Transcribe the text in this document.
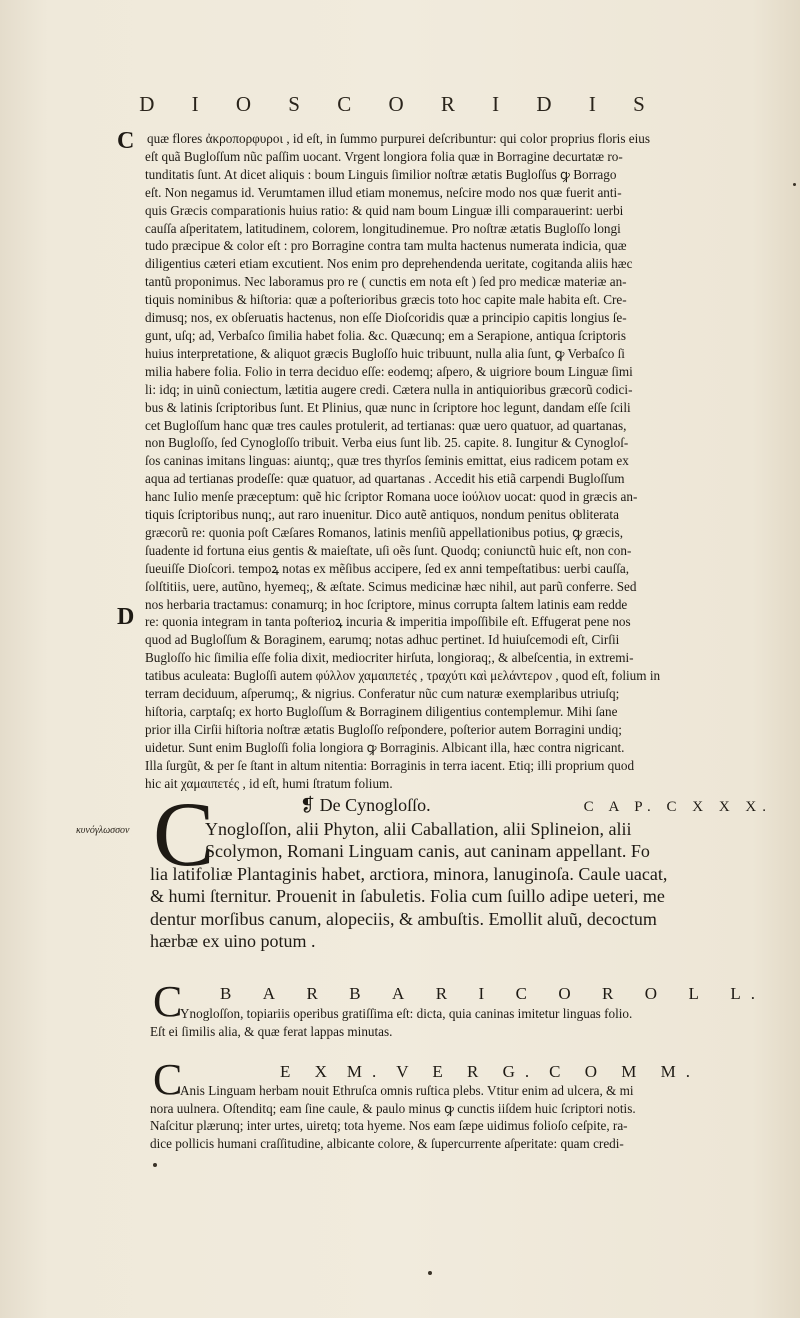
D I O S C O R I D I S
C
D
quæ flores ἀκροπορφυροι , id eſt, in ſummo purpurei deſcribuntur: qui color proprius floris eius
eſt quã Bugloſſum nũc paſſim uocant. Vrgent longiora folia quæ in Borragine decurtatæ ro-
tunditatis ſunt. At dicet aliquis : boum Linguis ſimilior noſtræ ætatis Bugloſſus ꝙ Borrago
eſt. Non negamus id. Verumtamen illud etiam monemus, neſcire modo nos quæ fuerit anti-
quis Græcis comparationis huius ratio: & quid nam boum Linguæ illi comparauerint: uerbi
cauſſa aſperitatem, latitudinem, colorem, longitudinemue. Pro noſtræ ætatis Bugloſſo longi
tudo præcipue & color eſt : pro Borragine contra tam multa hactenus numerata indicia, quæ
diligentius cæteri etiam excutient. Nos enim pro deprehendenda ueritate, cogitanda aliis hæc
tantũ proponimus. Nec laboramus pro re ( cunctis em nota eſt ) ſed pro medicæ materiæ an-
tiquis nominibus & hiſtoria: quæ a poſterioribus græcis toto hoc capite male habita eſt. Cre-
dimusq; nos, ex obſeruatis hactenus, non eſſe Dioſcoridis quæ a principio capitis longius ſe-
gunt, uſq; ad, Verbaſco ſimilia habet folia. &c. Quæcunq; em a Serapione, antiqua ſcriptoris
huius interpretatione, & aliquot græcis Bugloſſo huic tribuunt, nulla alia ſunt, ꝙ Verbaſco ſi
milia habere folia. Folio in terra deciduo eſſe: eodemq; aſpero, & uigriore boum Linguæ ſimi
li: idq; in uinũ coniectum, lætitia augere credi. Cætera nulla in antiquioribus græcorũ codici-
bus & latinis ſcriptoribus ſunt. Et Plinius, quæ nunc in ſcriptore hoc legunt, dandam eſſe ſcili
cet Bugloſſum hanc quæ tres caules protulerit, ad tertianas: quæ uero quatuor, ad quartanas,
non Bugloſſo, ſed Cynogloſſo tribuit. Verba eius ſunt lib. 25. capite. 8. Iungitur & Cynogloſ-
ſos caninas imitans linguas: aiuntq;, quæ tres thyrſos ſeminis emittat, eius radicem potam ex
aqua ad tertianas prodeſſe: quæ quatuor, ad quartanas . Accedit his etiã carpendi Bugloſſum
hanc Iulio menſe præceptum: quẽ hic ſcriptor Romana uoce ἰούλιον uocat: quod in græcis an-
tiquis ſcriptoribus nunq;, aut raro inuenitur. Dico autẽ antiquos, nondum penitus obliterata
græcorũ re: quonia poſt Cæſares Romanos, latinis menſiũ appellationibus potius, ꝙ græcis,
ſuadente id fortuna eius gentis & maieſtate, uſi oẽs ſunt. Quodq; coniunctũ huic eſt, non con-
ſueuiſſe Dioſcori. tempoꝝ notas ex mẽſibus accipere, ſed ex anni tempeſtatibus: uerbi cauſſa,
ſolſtitiis, uere, autũno, hyemeq;, & æſtate. Scimus medicinæ hæc nihil, aut parũ conferre. Sed
nos herbaria tractamus: conamurq; in hoc ſcriptore, minus corrupta ſaltem latinis eam redde
re: quonia integram in tanta poſterioꝝ incuria & imperitia impoſſibile eſt. Effugerat pene nos
quod ad Bugloſſum & Boraginem, earumq; notas adhuc pertinet. Id huiuſcemodi eſt, Cirſii
Bugloſſo hic ſimilia eſſe folia dixit, mediocriter hirſuta, longioraq;, & albeſcentia, in extremi-
tatibus aculeata: Bugloſſi autem φύλλον χαμαιπετές , τραχύτι καὶ μελάντερον , quod eſt, folium in
terram deciduum, aſperumq;, & nigrius. Conferatur nũc cum naturæ exemplaribus utriuſq;
hiſtoria, carptaſq; ex horto Bugloſſum & Borraginem diligentius contemplemur. Mihi ſane
prior illa Cirſii hiſtoria noſtræ ætatis Bugloſſo reſpondere, poſterior autem Borragini undiq;
uidetur. Sunt enim Bugloſſi folia longiora ꝙ Borraginis. Albicant illa, hæc contra nigricant.
Illa ſurgũt, & per ſe ſtant in altum nitentia: Borraginis in terra iacent. Etiq; illi proprium quod
hic ait χαμαιπετές , id eſt, humi ſtratum folium.
❡ De Cynogloſſo.	C A P. C X X X.
κυνόγλωσσον C
Ynogloſſon, alii Phyton, alii Caballation, alii Splineion, alii
Scolymon, Romani Linguam canis, aut caninam appellant. Fo
lia latifoliæ Plantaginis habet, arctiora, minora, lanuginoſa. Caule uacat,
& humi ſternitur. Prouenit in ſabuletis. Folia cum ſuillo adipe ueteri, me
dentur morſibus canum, alopeciis, & ambuſtis. Emollit aluũ, decoctum
hærbæ ex uino potum .
C B A R B A R I C O R O L L.
Ynogloſſon, topiariis operibus gratiſſima eſt: dicta, quia caninas imitetur linguas folio.
Eſt ei ſimilis alia, & quæ ferat lappas minutas.
C	E X M. V E R G. C O M M.
Anis Linguam herbam nouit Ethruſca omnis ruſtica plebs. Vtitur enim ad ulcera, & mi
nora uulnera. Oſtenditq; eam ſine caule, & paulo minus ꝙ cunctis iiſdem huic ſcriptori notis.
Naſcitur plærunq; inter urtes, uiretq; tota hyeme. Nos eam ſæpe uidimus folioſo ceſpite, ra-
dice pollicis humani craſſitudine, albicante colore, & ſupercurrente aſperitate: quam credi-
